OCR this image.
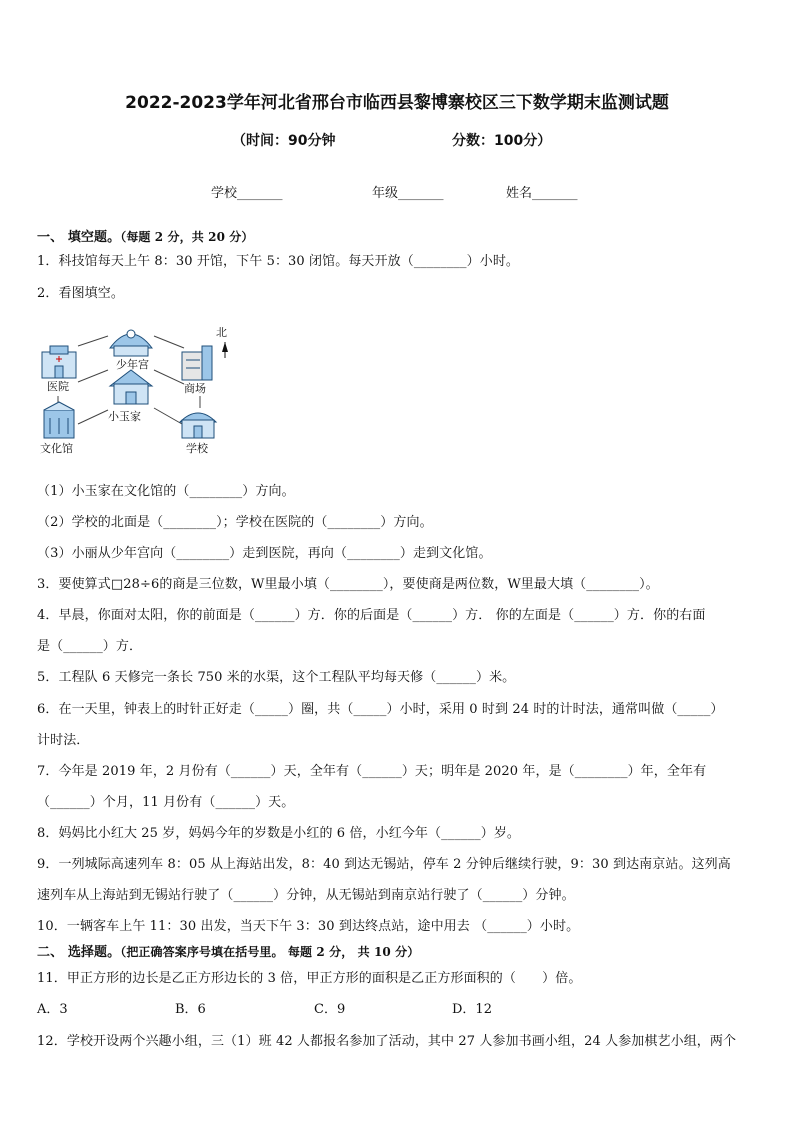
2022-2023学年河北省邢台市临西县黎博寨校区三下数学期末监测试题
（时间：90分钟	分数：100分）
学校_______	年级_______	姓名_______
一、 填空题。（每题 2 分，共 20 分）
1．科技馆每天上午 8：30 开馆，下午 5：30 闭馆。每天开放（________）小时。
2．看图填空。
少年宫
医院	商场
小玉家
文化馆	学校
北
（1）小玉家在文化馆的（________）方向。
（2）学校的北面是（________）；学校在医院的（________）方向。
（3）小丽从少年宫向（________）走到医院，再向（________）走到文化馆。
3．要使算式□28÷6的商是三位数，W里最小填（________），要使商是两位数，W里最大填（________）。
4．早晨，你面对太阳，你的前面是（______）方．你的后面是（______）方． 你的左面是（______）方．你的右面
是（______）方．
5．工程队 6 天修完一条长 750 米的水渠，这个工程队平均每天修（______）米。
6．在一天里，钟表上的时针正好走（_____）圈，共（_____）小时，采用 0 时到 24 时的计时法，通常叫做（_____）
计时法．
7．今年是 2019 年，2 月份有（______）天，全年有（______）天；明年是 2020 年，是（________）年，全年有
（______）个月，11 月份有（______）天。
8．妈妈比小红大 25 岁，妈妈今年的岁数是小红的 6 倍，小红今年（______）岁。
9．一列城际高速列车 8：05 从上海站出发，8：40 到达无锡站，停车 2 分钟后继续行驶，9：30 到达南京站。这列高
速列车从上海站到无锡站行驶了（______）分钟，从无锡站到南京站行驶了（______）分钟。
10．一辆客车上午 11：30 出发，当天下午 3：30 到达终点站，途中用去 （______）小时。
二、 选择题。（把正确答案序号填在括号里。 每题 2 分， 共 10 分）
11．甲正方形的边长是乙正方形边长的 3 倍，甲正方形的面积是乙正方形面积的（　　）倍。
A．3	B．6	C．9	D．12
12．学校开设两个兴趣小组，三（1）班 42 人都报名参加了活动，其中 27 人参加书画小组，24 人参加棋艺小组，两个
